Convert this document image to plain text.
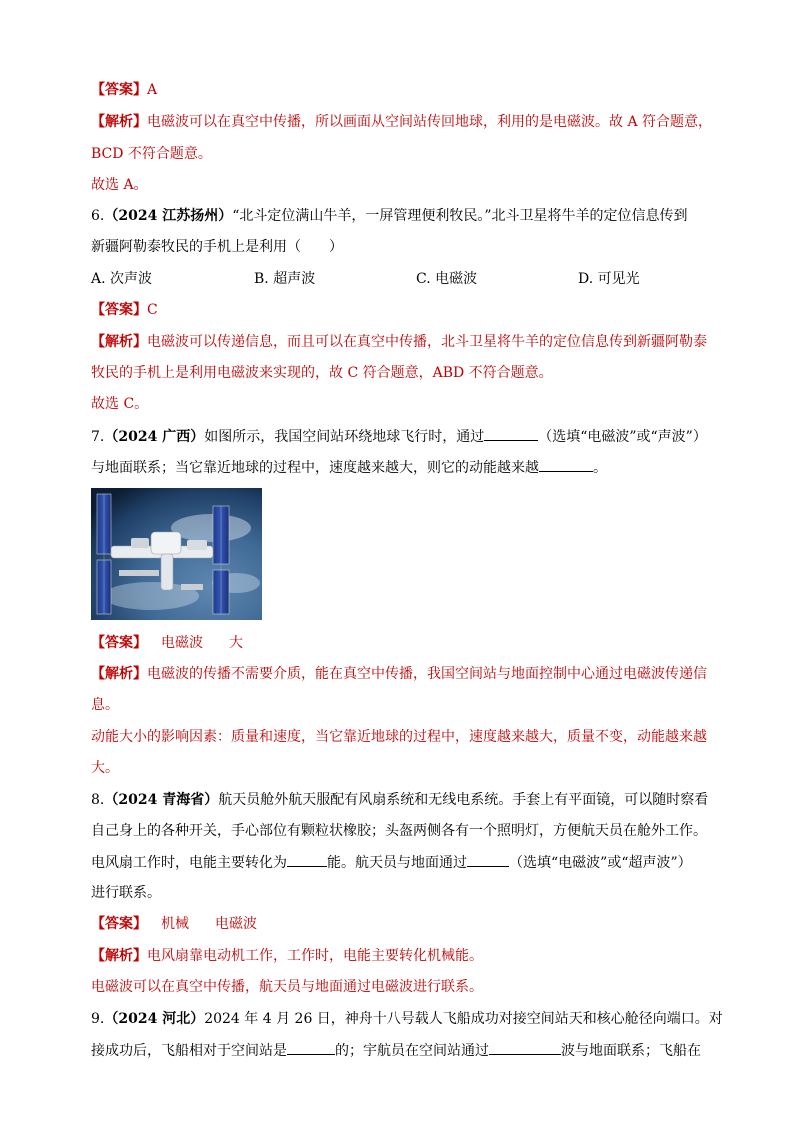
【答案】A
【解析】电磁波可以在真空中传播，所以画面从空间站传回地球，利用的是电磁波。故 A 符合题意，
BCD 不符合题意。
故选 A。
6.（2024 江苏扬州）“北斗定位满山牛羊，一屏管理便利牧民。”北斗卫星将牛羊的定位信息传到
新疆阿勒泰牧民的手机上是利用（　　）
A. 次声波	B. 超声波	C. 电磁波	D. 可见光
【答案】C
【解析】电磁波可以传递信息，而且可以在真空中传播，北斗卫星将牛羊的定位信息传到新疆阿勒泰
牧民的手机上是利用电磁波来实现的，故 C 符合题意，ABD 不符合题意。
故选 C。
7.（2024 广西）如图所示，我国空间站环绕地球飞行时，通过	（选填“电磁波”或“声波”）
与地面联系；当它靠近地球的过程中，速度越来越大，则它的动能越来越	。
【答案】 电磁波 大
【解析】电磁波的传播不需要介质，能在真空中传播，我国空间站与地面控制中心通过电磁波传递信
息。
动能大小的影响因素：质量和速度，当它靠近地球的过程中，速度越来越大，质量不变，动能越来越
大。
8.（2024 青海省）航天员舱外航天服配有风扇系统和无线电系统。手套上有平面镜，可以随时察看
自己身上的各种开关，手心部位有颗粒状橡胶；头盔两侧各有一个照明灯，方便航天员在舱外工作。
电风扇工作时，电能主要转化为	能。航天员与地面通过	（选填“电磁波”或“超声波”）
进行联系。
【答案】 机械 电磁波
【解析】电风扇靠电动机工作，工作时，电能主要转化机械能。
电磁波可以在真空中传播，航天员与地面通过电磁波进行联系。
9.（2024 河北）2024 年 4 月 26 日，神舟十八号载人飞船成功对接空间站天和核心舱径向端口。对
接成功后，飞船相对于空间站是	的；宇航员在空间站通过	波与地面联系；飞船在
